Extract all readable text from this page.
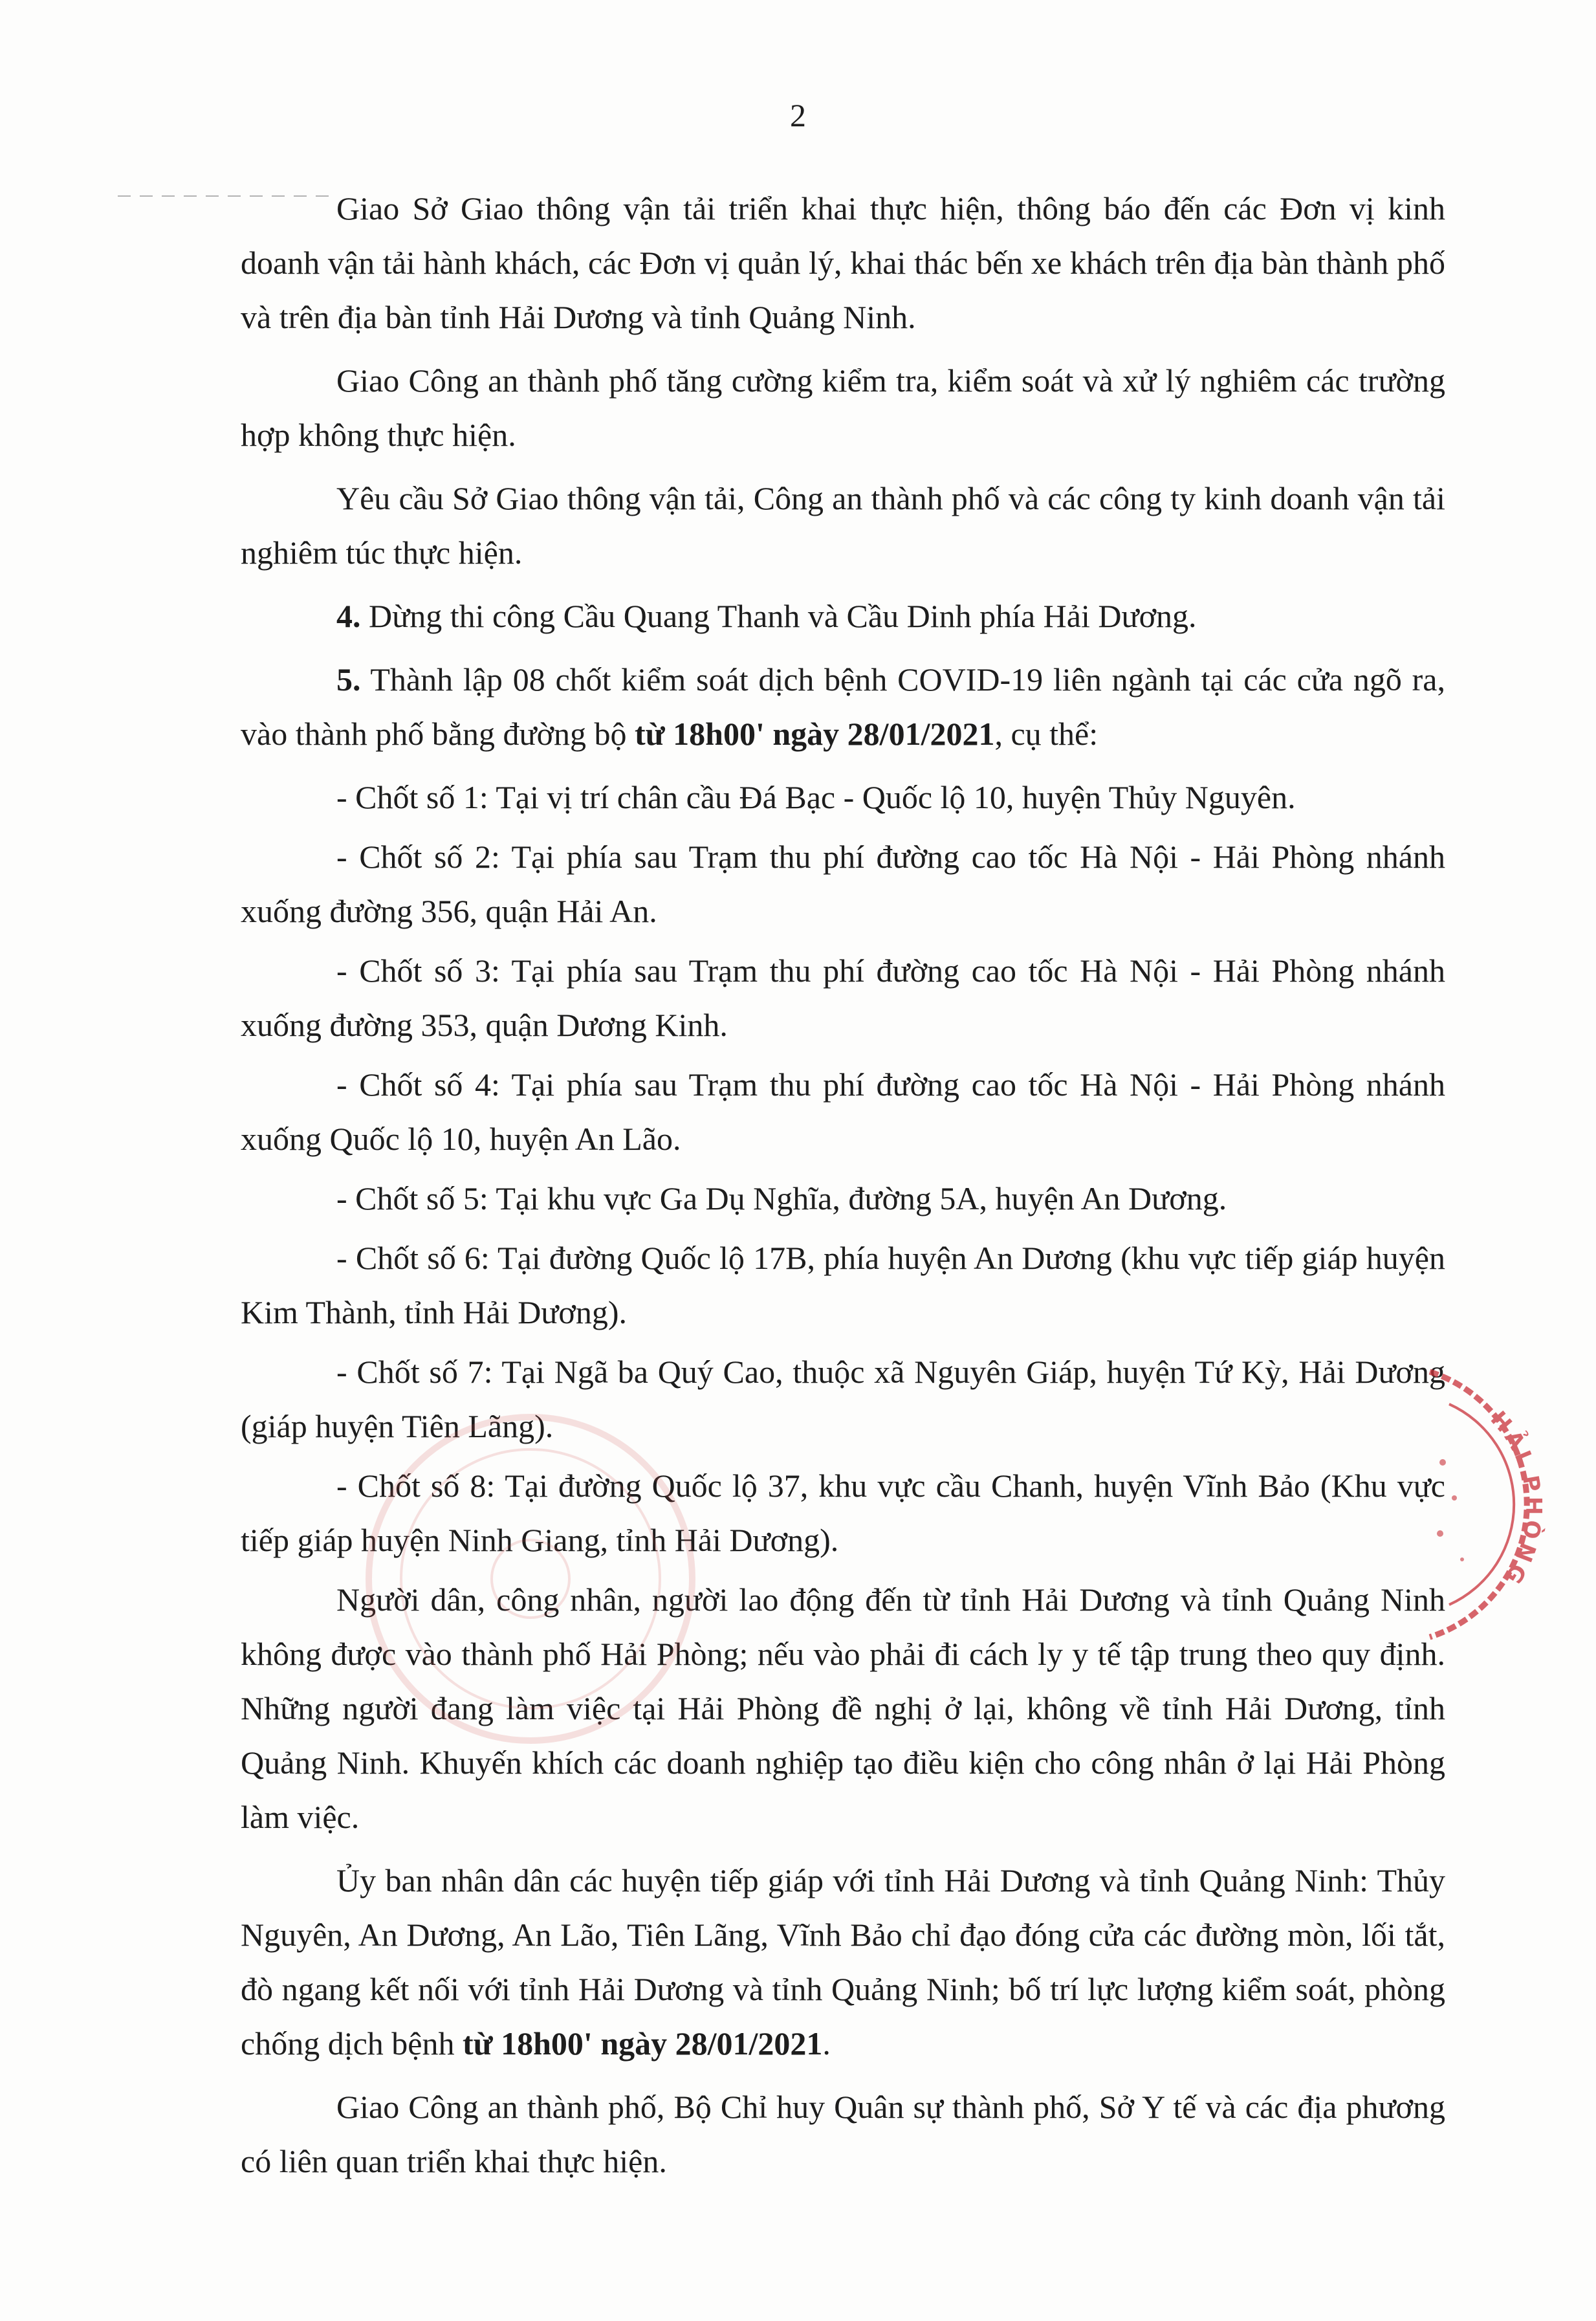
2

Giao Sở Giao thông vận tải triển khai thực hiện, thông báo đến các Đơn vị kinh doanh vận tải hành khách, các Đơn vị quản lý, khai thác bến xe khách trên địa bàn thành phố và trên địa bàn tỉnh Hải Dương và tỉnh Quảng Ninh.

Giao Công an thành phố tăng cường kiểm tra, kiểm soát và xử lý nghiêm các trường hợp không thực hiện.

Yêu cầu Sở Giao thông vận tải, Công an thành phố và các công ty kinh doanh vận tải nghiêm túc thực hiện.

4. Dừng thi công Cầu Quang Thanh và Cầu Dinh phía Hải Dương.

5. Thành lập 08 chốt kiểm soát dịch bệnh COVID-19 liên ngành tại các cửa ngõ ra, vào thành phố bằng đường bộ từ 18h00' ngày 28/01/2021, cụ thể:

- Chốt số 1: Tại vị trí chân cầu Đá Bạc - Quốc lộ 10, huyện Thủy Nguyên.

- Chốt số 2: Tại phía sau Trạm thu phí đường cao tốc Hà Nội - Hải Phòng nhánh xuống đường 356, quận Hải An.

- Chốt số 3: Tại phía sau Trạm thu phí đường cao tốc Hà Nội - Hải Phòng nhánh xuống đường 353, quận Dương Kinh.

- Chốt số 4: Tại phía sau Trạm thu phí đường cao tốc Hà Nội - Hải Phòng nhánh xuống Quốc lộ 10, huyện An Lão.

- Chốt số 5: Tại khu vực Ga Dụ Nghĩa, đường 5A, huyện An Dương.

- Chốt số 6: Tại đường Quốc lộ 17B, phía huyện An Dương (khu vực tiếp giáp huyện Kim Thành, tỉnh Hải Dương).

- Chốt số 7: Tại Ngã ba Quý Cao, thuộc xã Nguyên Giáp, huyện Tứ Kỳ, Hải Dương (giáp huyện Tiên Lãng).

- Chốt số 8: Tại đường Quốc lộ 37, khu vực cầu Chanh, huyện Vĩnh Bảo (Khu vực tiếp giáp huyện Ninh Giang, tỉnh Hải Dương).

Người dân, công nhân, người lao động đến từ tỉnh Hải Dương và tỉnh Quảng Ninh không được vào thành phố Hải Phòng; nếu vào phải đi cách ly y tế tập trung theo quy định. Những người đang làm việc tại Hải Phòng đề nghị ở lại, không về tỉnh Hải Dương, tỉnh Quảng Ninh. Khuyến khích các doanh nghiệp tạo điều kiện cho công nhân ở lại Hải Phòng làm việc.

Ủy ban nhân dân các huyện tiếp giáp với tỉnh Hải Dương và tỉnh Quảng Ninh: Thủy Nguyên, An Dương, An Lão, Tiên Lãng, Vĩnh Bảo chỉ đạo đóng cửa các đường mòn, lối tắt, đò ngang kết nối với tỉnh Hải Dương và tỉnh Quảng Ninh; bố trí lực lượng kiểm soát, phòng chống dịch bệnh từ 18h00' ngày 28/01/2021.

Giao Công an thành phố, Bộ Chỉ huy Quân sự thành phố, Sở Y tế và các địa phương có liên quan triển khai thực hiện.

HẢI PHÒNG
